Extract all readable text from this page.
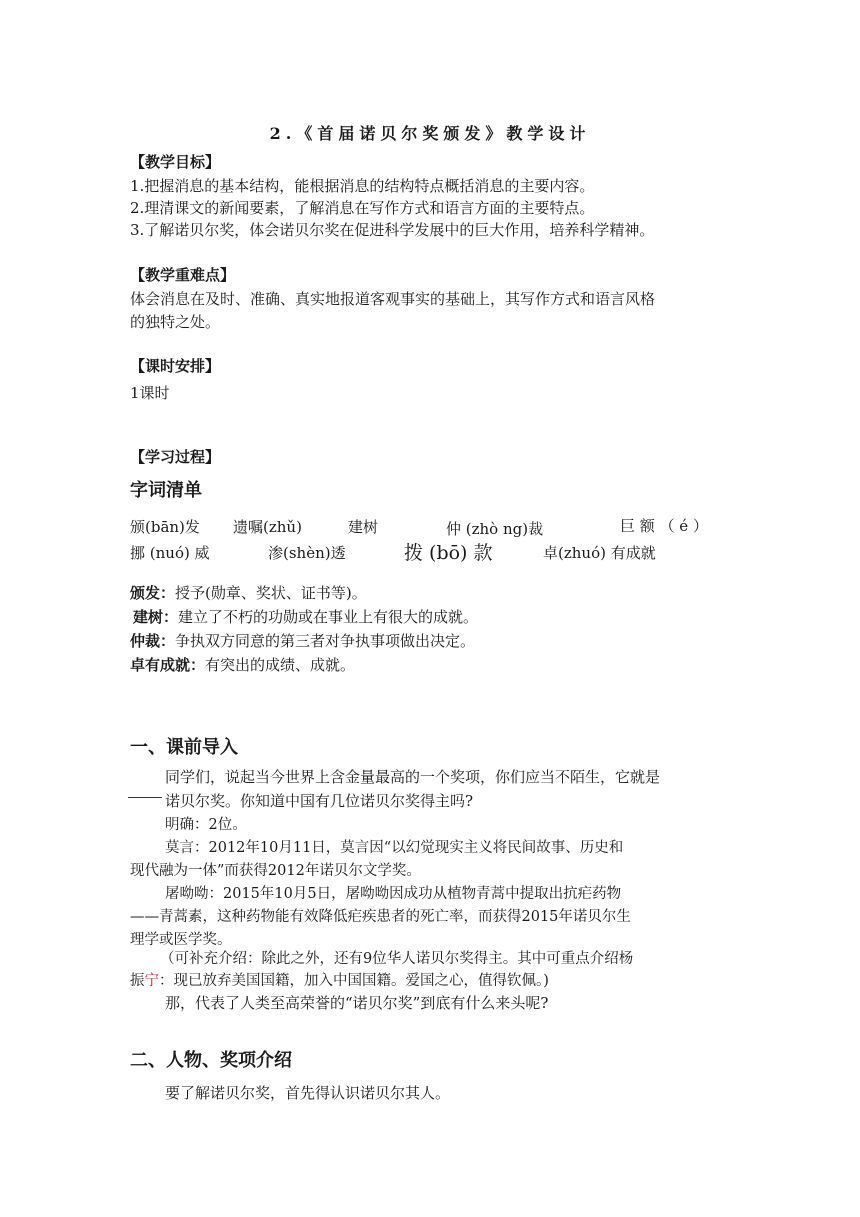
2.《首届诺贝尔奖颁发》教学设计
【教学目标】
1.把握消息的基本结构，能根据消息的结构特点概括消息的主要内容。
2.理清课文的新闻要素，了解消息在写作方式和语言方面的主要特点。
3.了解诺贝尔奖，体会诺贝尔奖在促进科学发展中的巨大作用，培养科学精神。
【教学重难点】
体会消息在及时、准确、真实地报道客观事实的基础上，其写作方式和语言风格
的独特之处。
【课时安排】
1课时
【学习过程】
字词清单
颁(bān)发 遗嘱(zhǔ)	建树	仲 (zhò ng)裁	巨 额 （ é ）
挪 (nuó) 威	渗(shèn)透	拨 (bō) 款	卓(zhuó) 有成就
颁发：授予(勋章、奖状、证书等)。
建树：建立了不朽的功勋或在事业上有很大的成就。
仲裁：争执双方同意的第三者对争执事项做出决定。
卓有成就：有突出的成绩、成就。
一、课前导入
同学们，说起当今世界上含金量最高的一个奖项，你们应当不陌生，它就是
诺贝尔奖。你知道中国有几位诺贝尔奖得主吗?
明确：2位。
莫言：2012年10月11日，莫言因“以幻觉现实主义将民间故事、历史和
现代融为一体”而获得2012年诺贝尔文学奖。
屠呦呦：2015年10月5日，屠呦呦因成功从植物青蒿中提取出抗疟药物
——青蒿素，这种药物能有效降低疟疾患者的死亡率，而获得2015年诺贝尔生
理学或医学奖。
（可补充介绍：除此之外，还有9位华人诺贝尔奖得主。其中可重点介绍杨
振宁：现已放弃美国国籍，加入中国国籍。爱国之心，值得钦佩。)
那，代表了人类至高荣誉的“诺贝尔奖”到底有什么来头呢?
二、人物、奖项介绍
要了解诺贝尔奖，首先得认识诺贝尔其人。
